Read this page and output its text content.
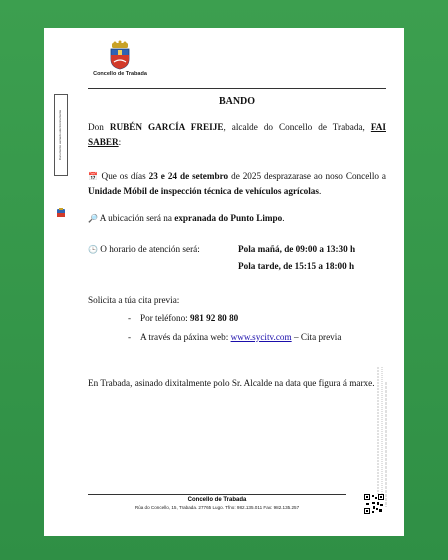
Concello de Trabada
Documento asinado electronicamente

BANDO

Don RUBÉN GARCÍA FREIJE, alcalde do Concello de Trabada, FAI SABER:

📅 Que os días 23 e 24 de setembro de 2025 desprazarase ao noso Concello a Unidade Móbil de inspección técnica de vehículos agrícolas.

🔎 A ubicación será na expranada do Punto Limpo.

🕒 O horario de atención será:	Pola mañá, de 09:00 a 13:30 h
Pola tarde, de 15:15 a 18:00 h

Solicita a túa cita previa:

- Por teléfono: 981 92 80 80
- A través da páxina web: www.sycitv.com – Cita previa

En Trabada, asinado dixitalmente polo Sr. Alcalde na data que figura á marxe.

Concello de Trabada
Rúa do Concello, 15, Trabada. 27765 Lugo. Tfno: 982.135.011 Fax: 982.135.257
